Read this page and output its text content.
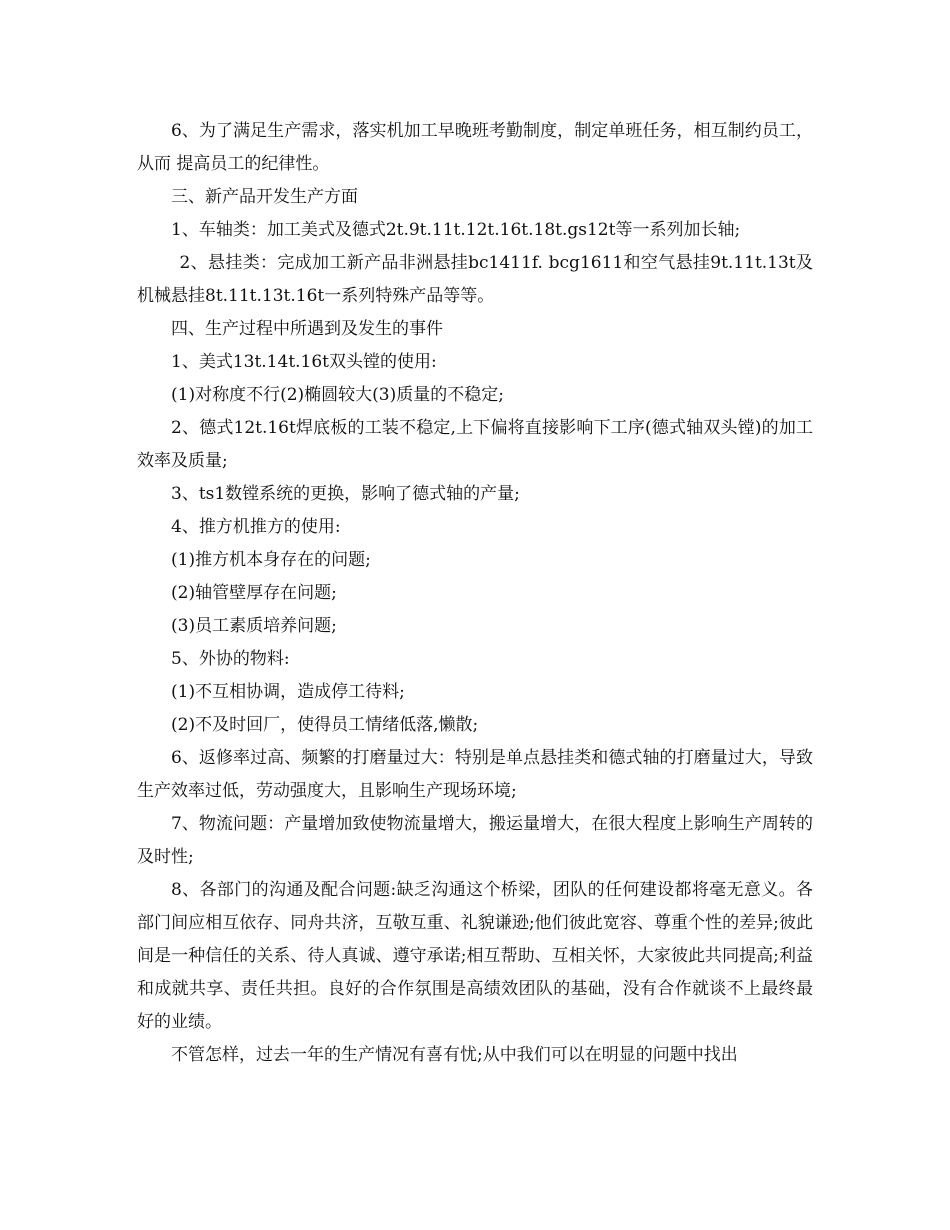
6、为了满足生产需求，落实机加工早晚班考勤制度，制定单班任务，相互制约员工，从而 提高员工的纪律性。

三、新产品开发生产方面

1、车轴类：加工美式及德式2t.9t.11t.12t.16t.18t.gs12t等一系列加长轴;

2、悬挂类：完成加工新产品非洲悬挂bc1411f. bcg1611和空气悬挂9t.11t.13t及机械悬挂8t.11t.13t.16t一系列特殊产品等等。

四、生产过程中所遇到及发生的事件

1、美式13t.14t.16t双头镗的使用:

(1)对称度不行(2)椭圆较大(3)质量的不稳定;

2、德式12t.16t焊底板的工装不稳定,上下偏将直接影响下工序(德式轴双头镗)的加工效率及质量;

3、ts1数镗系统的更换，影响了德式轴的产量;

4、推方机推方的使用:

(1)推方机本身存在的问题;

(2)轴管壁厚存在问题;

(3)员工素质培养问题;

5、外协的物料:

(1)不互相协调，造成停工待料;

(2)不及时回厂，使得员工情绪低落,懒散;

6、返修率过高、频繁的打磨量过大：特别是单点悬挂类和德式轴的打磨量过大，导致生产效率过低，劳动强度大，且影响生产现场环境;

7、物流问题：产量增加致使物流量增大，搬运量增大，在很大程度上影响生产周转的及时性;

8、各部门的沟通及配合问题:缺乏沟通这个桥梁，团队的任何建设都将毫无意义。各部门间应相互依存、同舟共济，互敬互重、礼貌谦逊;他们彼此宽容、尊重个性的差异;彼此间是一种信任的关系、待人真诚、遵守承诺;相互帮助、互相关怀，大家彼此共同提高;利益和成就共享、责任共担。良好的合作氛围是高绩效团队的基础，没有合作就谈不上最终最好的业绩。

不管怎样，过去一年的生产情况有喜有忧;从中我们可以在明显的问题中找出
